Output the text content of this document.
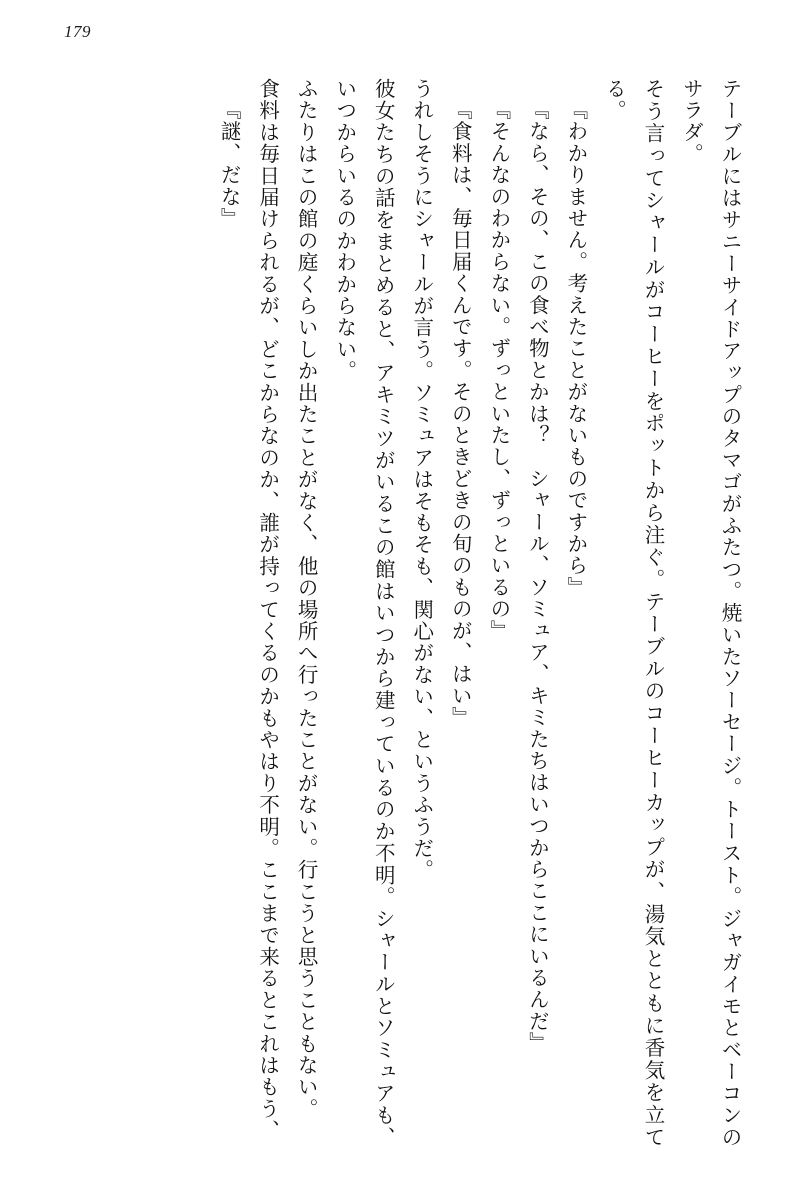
179

テーブルにはサニーサイドアップのタマゴがふたつ。焼いたソーセージ。トースト。ジャガイモとベーコンのサラダ。

そう言ってシャールがコーヒーをポットから注ぐ。テーブルのコーヒーカップが、湯気とともに香気を立てる。

『わかりません。考えたことがないものですから』

『なら、その、この食べ物とかは？　シャール、ソミュア、キミたちはいつからここにいるんだ』

『そんなのわからない。ずっといたし、ずっといるの』

『食料は、毎日届くんです。そのときどきの旬のものが、はい』

うれしそうにシャールが言う。ソミュアはそもそも、関心がない、というふうだ。

彼女たちの話をまとめると、アキミツがいるこの館はいつから建っているのか不明。シャールとソミュアも、いつからいるのかわからない。

ふたりはこの館の庭くらいしか出たことがなく、他の場所へ行ったことがない。行こうと思うこともない。

食料は毎日届けられるが、どこからなのか、誰が持ってくるのかもやはり不明。ここまで来るとこれはもう、

『謎、だな』
